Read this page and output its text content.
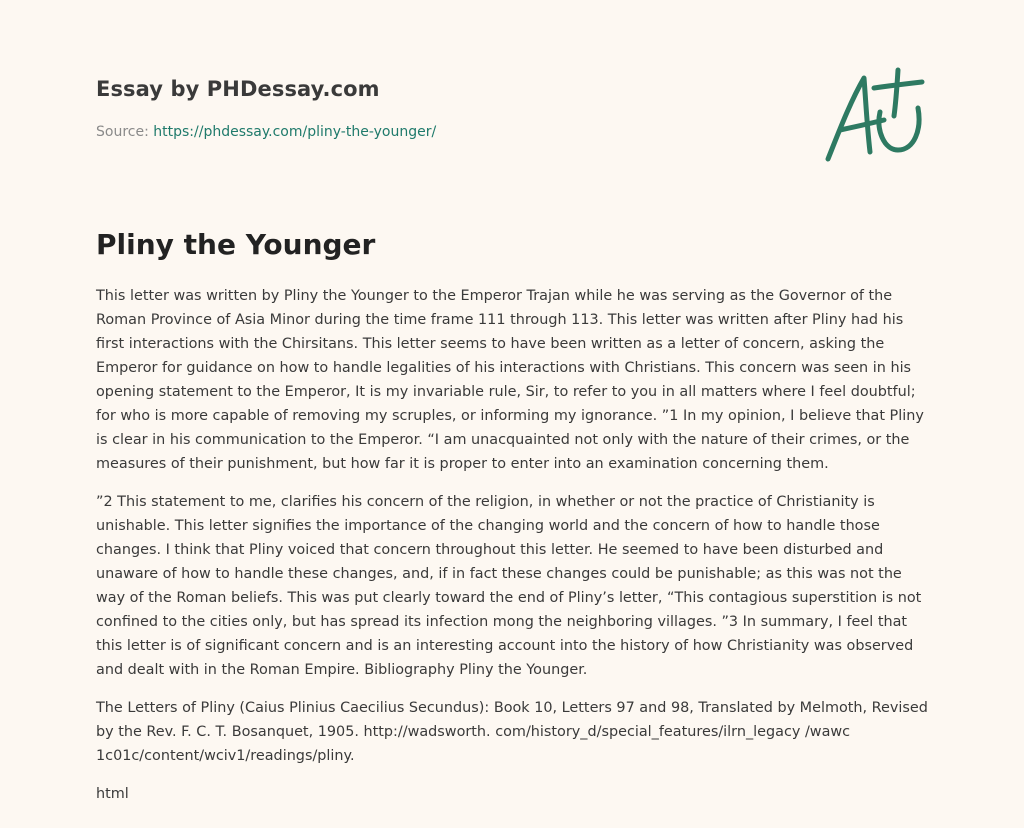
Essay by PHDessay.com
Source: https://phdessay.com/pliny-the-younger/
Pliny the Younger

This letter was written by Pliny the Younger to the Emperor Trajan while he was serving as the Governor of the Roman Province of Asia Minor during the time frame 111 through 113. This letter was written after Pliny had his first interactions with the Chirsitans. This letter seems to have been written as a letter of concern, asking the Emperor for guidance on how to handle legalities of his interactions with Christians. This concern was seen in his opening statement to the Emperor, It is my invariable rule, Sir, to refer to you in all matters where I feel doubtful; for who is more capable of removing my scruples, or informing my ignorance. ”1 In my opinion, I believe that Pliny is clear in his communication to the Emperor. “I am unacquainted not only with the nature of their crimes, or the measures of their punishment, but how far it is proper to enter into an examination concerning them.

”2 This statement to me, clarifies his concern of the religion, in whether or not the practice of Christianity is unishable. This letter signifies the importance of the changing world and the concern of how to handle those changes. I think that Pliny voiced that concern throughout this letter. He seemed to have been disturbed and unaware of how to handle these changes, and, if in fact these changes could be punishable; as this was not the way of the Roman beliefs. This was put clearly toward the end of Pliny’s letter, “This contagious superstition is not confined to the cities only, but has spread its infection mong the neighboring villages. ”3 In summary, I feel that this letter is of significant concern and is an interesting account into the history of how Christianity was observed and dealt with in the Roman Empire. Bibliography Pliny the Younger.

The Letters of Pliny (Caius Plinius Caecilius Secundus): Book 10, Letters 97 and 98, Translated by Melmoth, Revised by the Rev. F. C. T. Bosanquet, 1905. http://wadsworth. com/history_d/special_features/ilrn_legacy /wawc 1c01c/content/wciv1/readings/pliny.

html
